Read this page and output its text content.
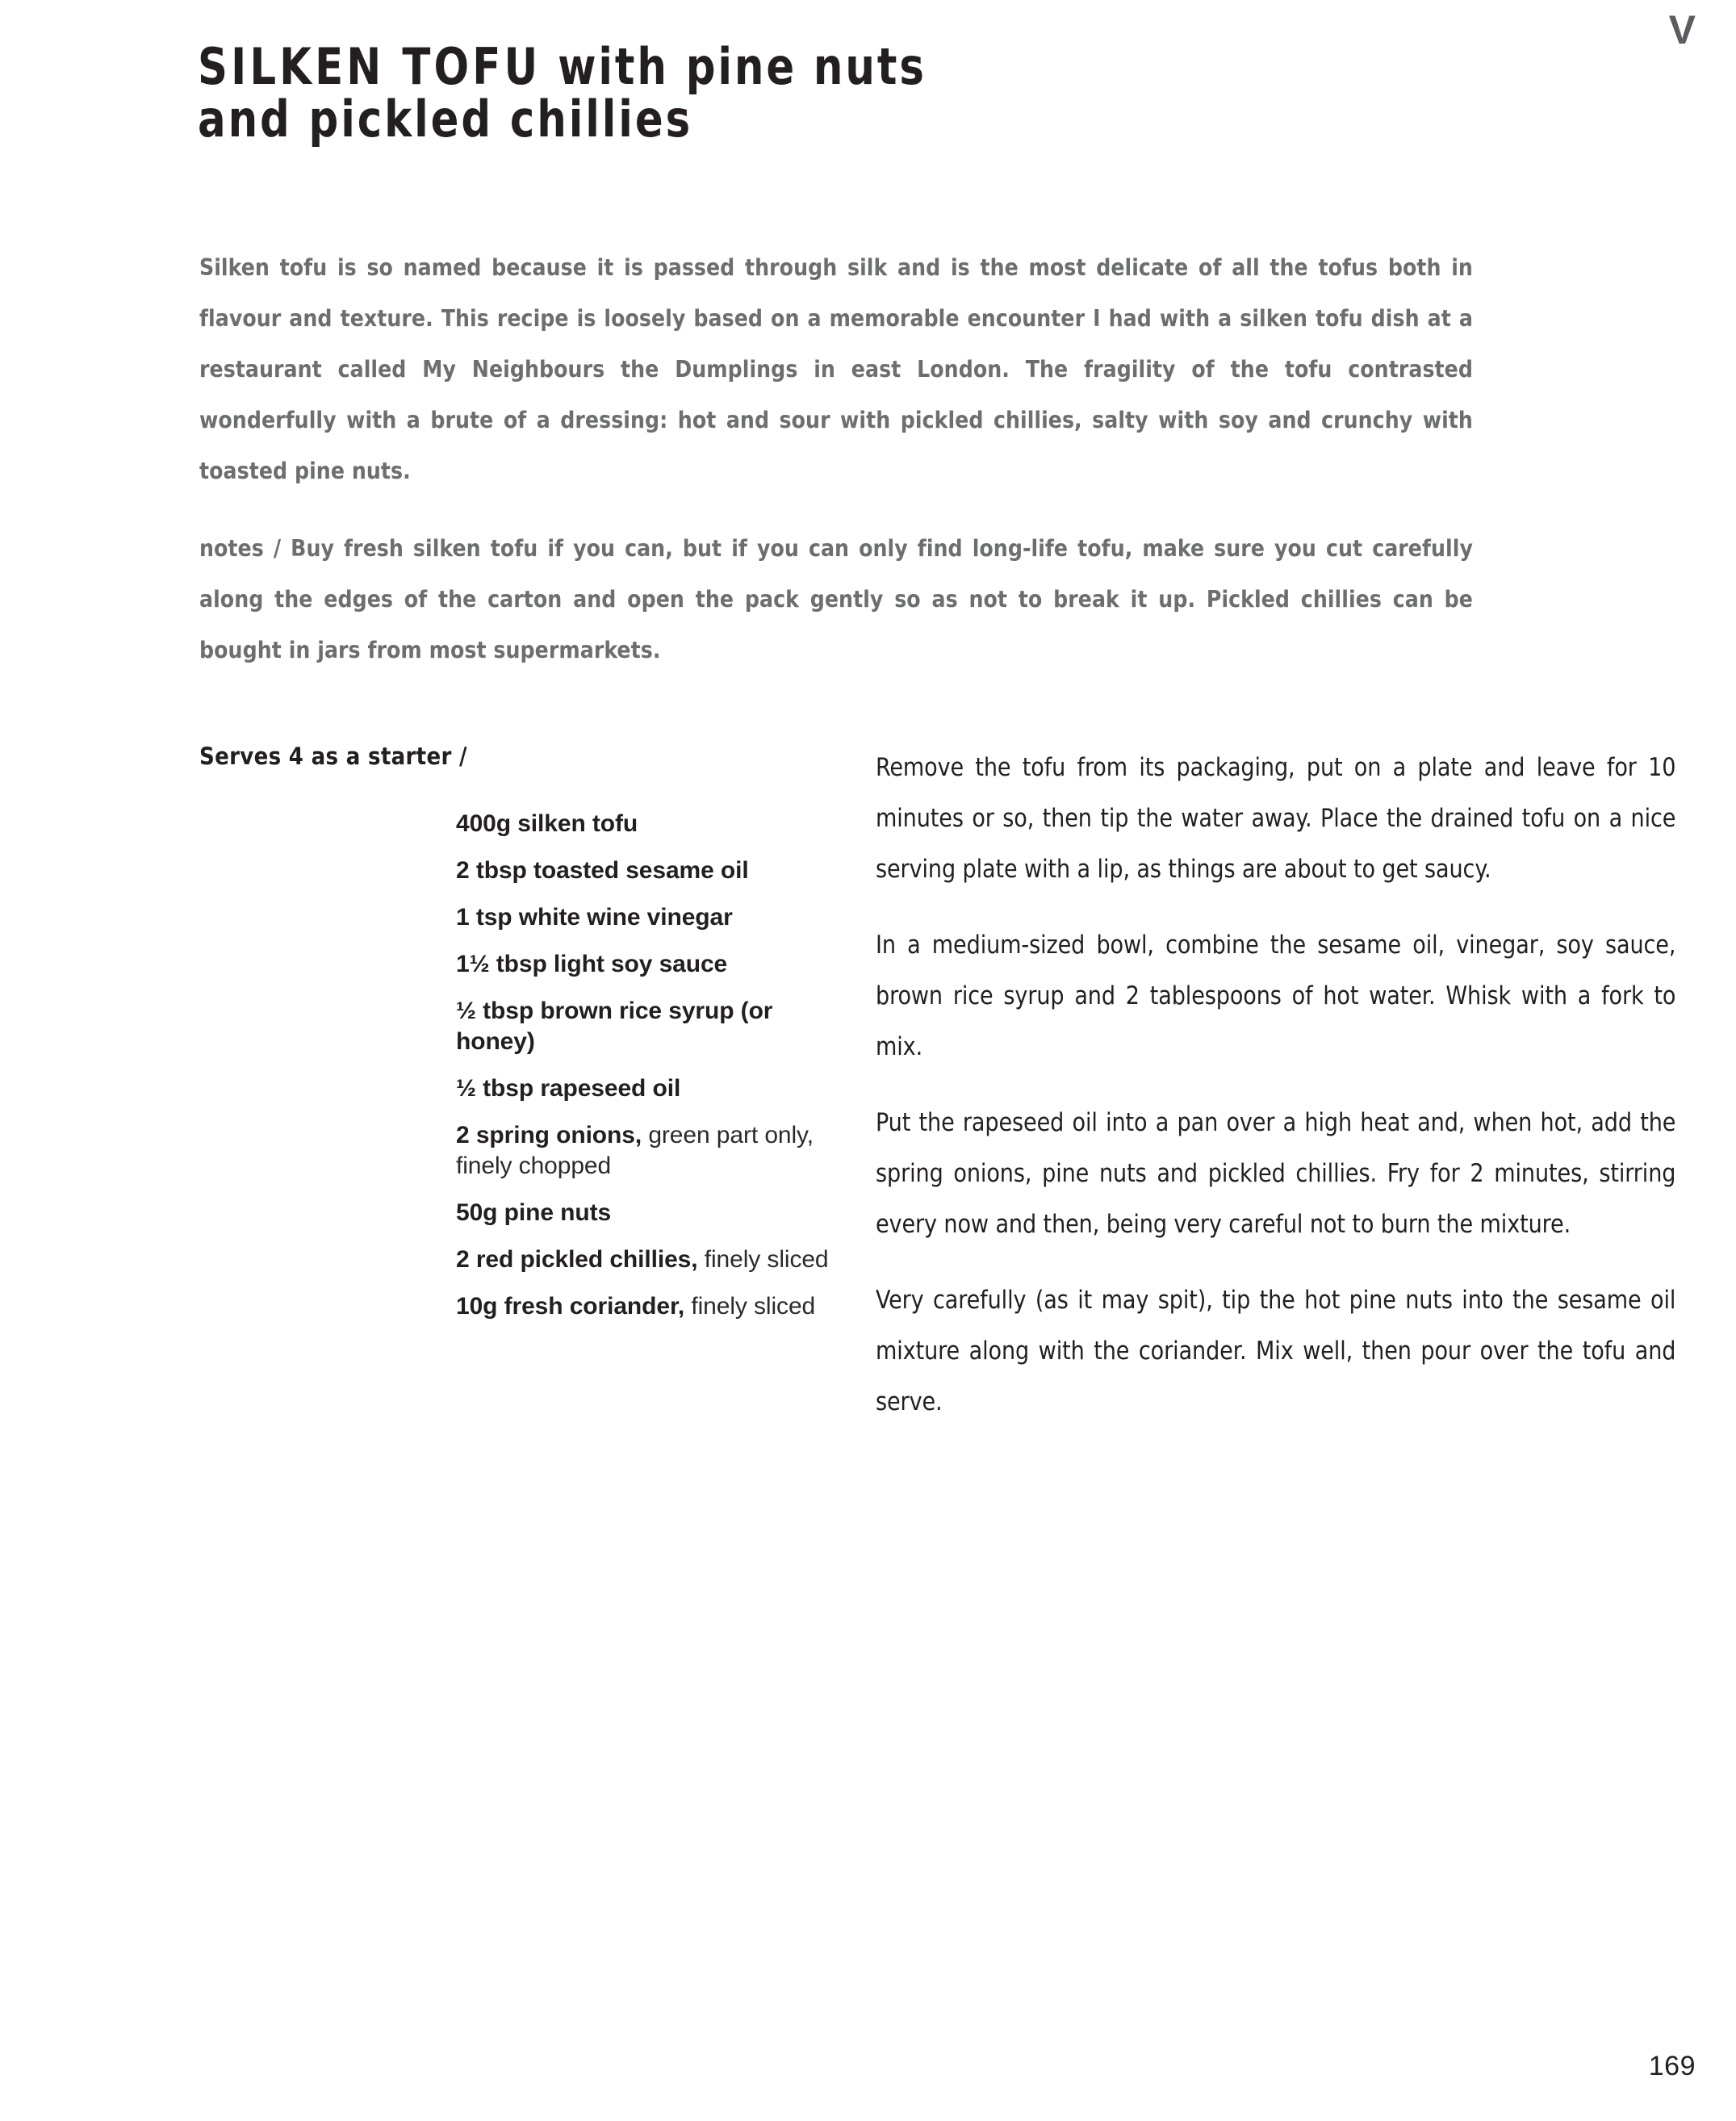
V
SILKEN TOFU with pine nuts
and pickled chillies

Silken tofu is so named because it is passed through silk and is the most delicate of all the tofus both in flavour and texture. This recipe is loosely based on a memorable encounter I had with a silken tofu dish at a restaurant called My Neighbours the Dumplings in east London. The fragility of the tofu contrasted wonderfully with a brute of a dressing: hot and sour with pickled chillies, salty with soy and crunchy with toasted pine nuts.

notes / Buy fresh silken tofu if you can, but if you can only find long-life tofu, make sure you cut carefully along the edges of the carton and open the pack gently so as not to break it up. Pickled chillies can be bought in jars from most supermarkets.

Serves 4 as a starter /
400g silken tofu
2 tbsp toasted sesame oil
1 tsp white wine vinegar
1½ tbsp light soy sauce
½ tbsp brown rice syrup (or honey)
½ tbsp rapeseed oil
2 spring onions, green part only, finely chopped
50g pine nuts
2 red pickled chillies, finely sliced
10g fresh coriander, finely sliced

Remove the tofu from its packaging, put on a plate and leave for 10 minutes or so, then tip the water away. Place the drained tofu on a nice serving plate with a lip, as things are about to get saucy.

In a medium-sized bowl, combine the sesame oil, vinegar, soy sauce, brown rice syrup and 2 tablespoons of hot water. Whisk with a fork to mix.

Put the rapeseed oil into a pan over a high heat and, when hot, add the spring onions, pine nuts and pickled chillies. Fry for 2 minutes, stirring every now and then, being very careful not to burn the mixture.

Very carefully (as it may spit), tip the hot pine nuts into the sesame oil mixture along with the coriander. Mix well, then pour over the tofu and serve.

169
